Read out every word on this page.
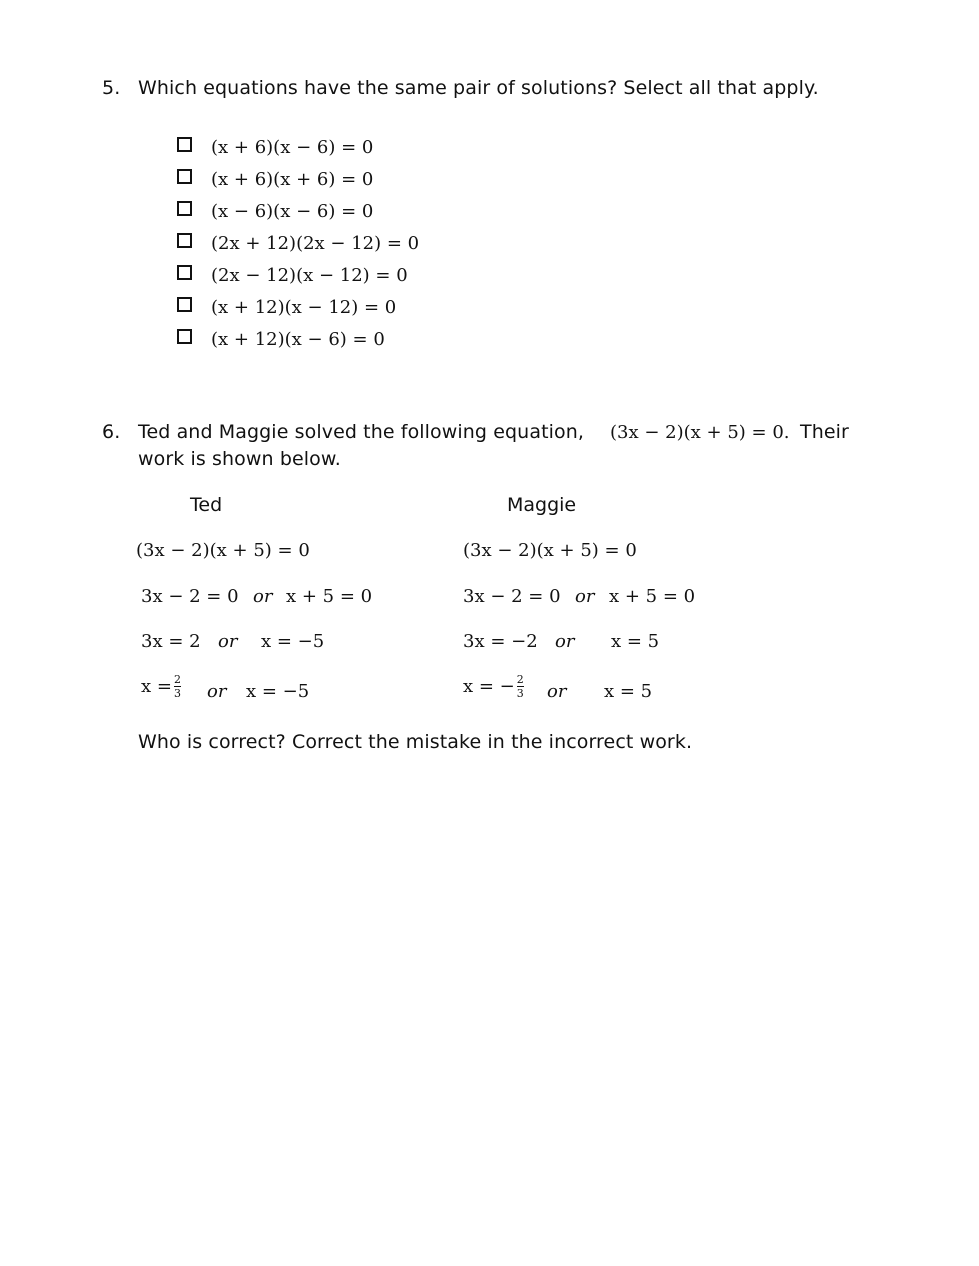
5. Which equations have the same pair of solutions? Select all that apply.
(x + 6)(x − 6) = 0
(x + 6)(x + 6) = 0
(x − 6)(x − 6) = 0
(2x + 12)(2x − 12) = 0
(2x − 12)(x − 12) = 0
(x + 12)(x − 12) = 0
(x + 12)(x − 6) = 0
6. Ted and Maggie solved the following equation, (3x − 2)(x + 5) = 0. Their
work is shown below.
Ted
(3x − 2)(x + 5) = 0
3x − 2 = 0 or x + 5 = 0
3x = 2 or x = −5
$x = \frac{2}{3}$ or x = −5
Maggie
(3x − 2)(x + 5) = 0
3x − 2 = 0 or x + 5 = 0
3x = −2 or x = 5
x = − $\frac{2}{3}$ or x = 5
Who is correct? Correct the mistake in the incorrect work.
